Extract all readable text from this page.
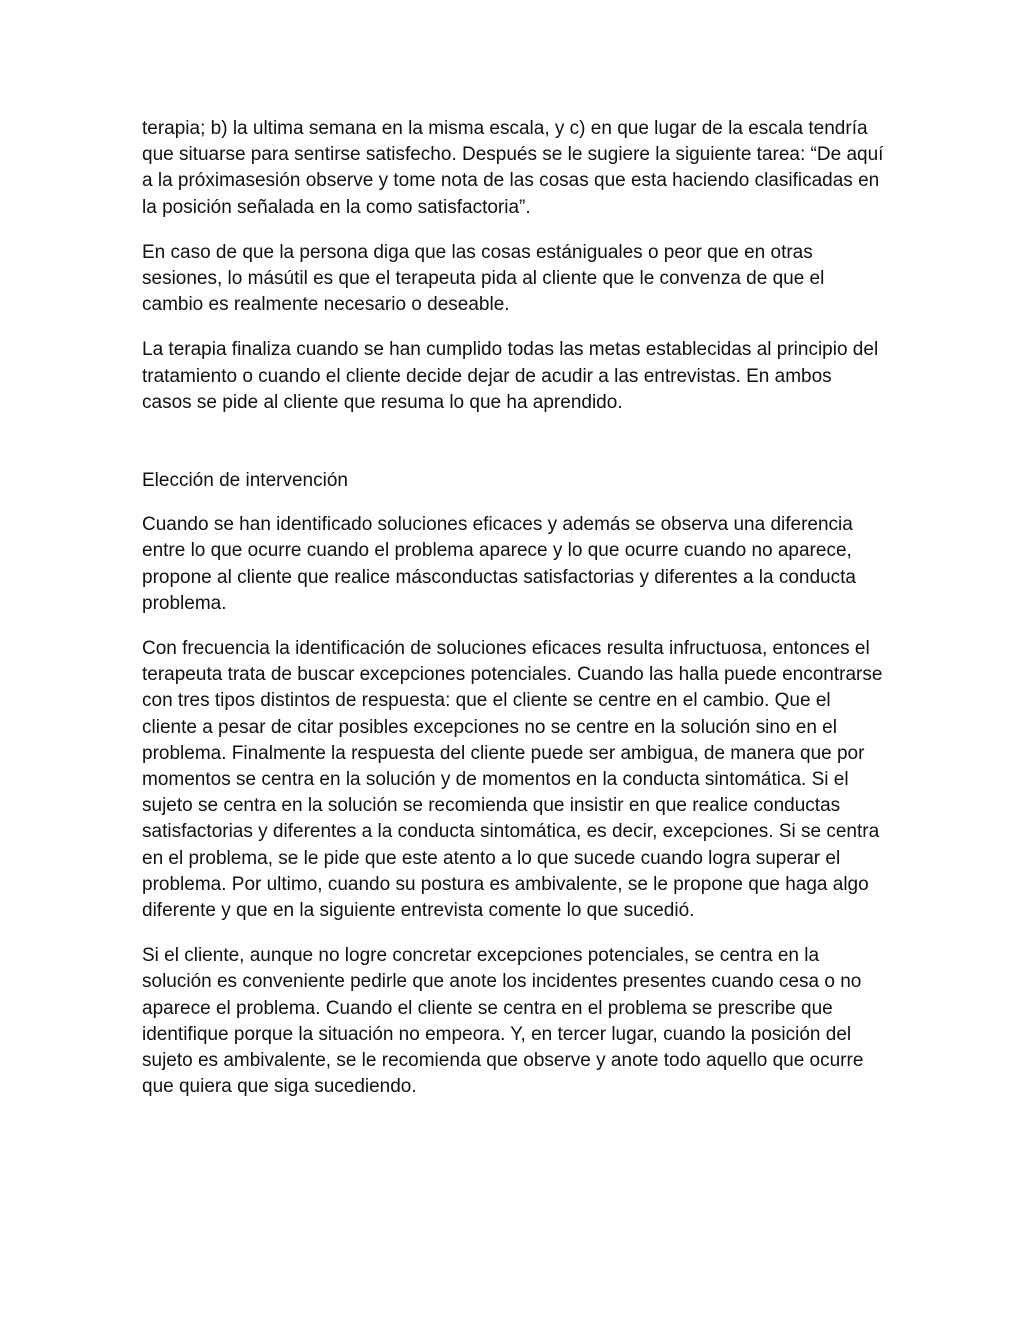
terapia; b) la ultima semana en la misma escala, y c) en que lugar de la escala tendría que situarse para sentirse satisfecho. Después se le sugiere la siguiente tarea: “De aquí a la próximasesión observe y tome nota de las cosas que esta haciendo clasificadas en la posición señalada en la como satisfactoria”.

En caso de que la persona diga que las cosas estániguales o peor que en otras sesiones, lo másútil es que el terapeuta pida al cliente que le convenza de que el cambio es realmente necesario o deseable.

La terapia finaliza cuando se han cumplido todas las metas establecidas al principio del tratamiento o cuando el cliente decide dejar de acudir a las entrevistas. En ambos casos se pide al cliente que resuma lo que ha aprendido.

Elección de intervención

Cuando se han identificado soluciones eficaces y además se observa una diferencia entre lo que ocurre cuando el problema aparece y lo que ocurre cuando no aparece, propone al cliente que realice másconductas satisfactorias y diferentes a la conducta problema.

Con frecuencia la identificación de soluciones eficaces resulta infructuosa, entonces el terapeuta trata de buscar excepciones potenciales. Cuando las halla puede encontrarse con tres tipos distintos de respuesta: que el cliente se centre en el cambio. Que el cliente a pesar de citar posibles excepciones no se centre en la solución sino en el problema. Finalmente la respuesta del cliente puede ser ambigua, de manera que por momentos se centra en la solución y de momentos en la conducta sintomática. Si el sujeto se centra en la solución se recomienda que insistir en que realice conductas satisfactorias y diferentes a la conducta sintomática, es decir, excepciones. Si se centra en el problema, se le pide que este atento a lo que sucede cuando logra superar el problema. Por ultimo, cuando su postura es ambivalente, se le propone que haga algo diferente y que en la siguiente entrevista comente lo que sucedió.

Si el cliente, aunque no logre concretar excepciones potenciales, se centra en la solución es conveniente pedirle que anote los incidentes presentes cuando cesa o no aparece el problema. Cuando el cliente se centra en el problema se prescribe que identifique porque la situación no empeora. Y, en tercer lugar, cuando la posición del sujeto es ambivalente, se le recomienda que observe y anote todo aquello que ocurre que quiera que siga sucediendo.
